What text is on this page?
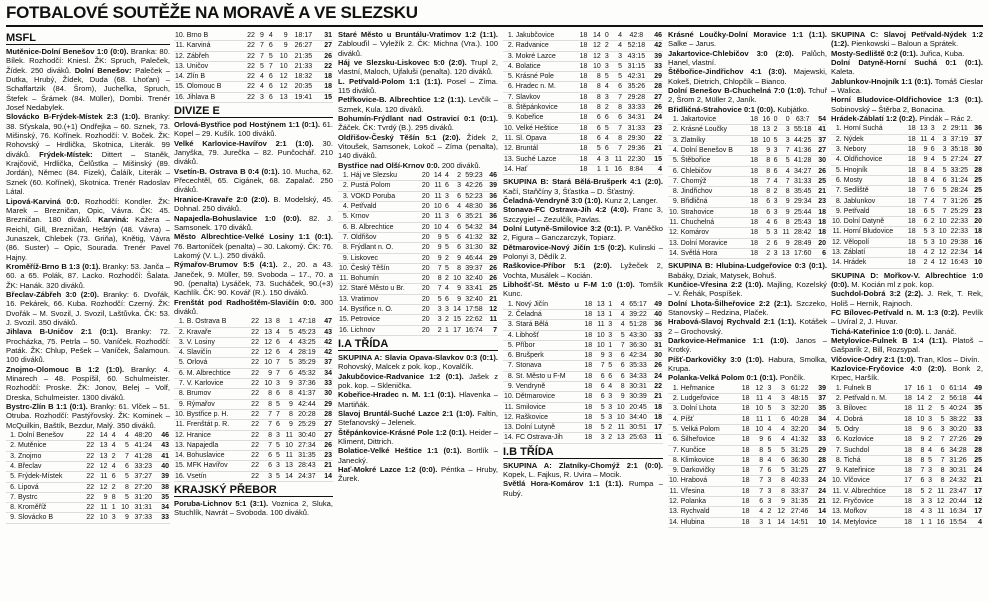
FOTBALOVÉ SOUTĚŽE NA MORAVĚ A VE SLEZSKU
MSFL

Mutěnice-Dolní Benešov 1:0 (0:0). Branka: 80. Bílek. Rozhodčí: Kniesl. ŽK: Spruch, Paleček, Žídek. 250 diváků. Dolní Benešov: Paleček – Dutka, Hrubý, Žídek, Duda (68. Lhoťan) – Schaffartzik (84. Šrom), Jucheľka, Spruch, Štefek – Šrámek (84. Müller), Dombi. Trenér Josef Nedabylek.

Slovácko B-Frýdek-Místek 2:3 (1:0). Branky: 38. Sťyskala, 90.(+1) Ondřejka – 60. Sznek, 73. Mišinský, 76. Kořínek. Rozhodčí: V. Boček. ŽK: Rohovský – Hrdlička, Skotnica, Literák. 99 diváků. Frýdek-Místek: Dittert – Staněk, Krajčovič, Hrdlička, Čelůstka – Mišinský (89. Jordán), Němec (84. Fizek), Čaláík, Literák – Sznek (60. Kořínek), Skotnica. Trenér Radoslav Látal.

Lipová-Karviná 0:0. Rozhodčí: Kondler. ŽK: Marek – Brezničan, Opic, Vávra. ČK: 45. Brezničan. 180 diváků. Karviná: Kažera – Reichl, Gill, Brezničan, Heštýn (48. Vávra) – Junaszek, Chlebek (73. Griňa), Knětig, Vávra (86. Suster) – Opic, Souradа. Trenér Pavel Hajny.

Kroměříž-Brno B 1:3 (0:1). Branky: 53. Janča – 60. a 65. Polák, 87. Lacko. Rozhodčí: Šalata. ŽK: Hanák. 320 diváků.

Břeclav-Zábřeh 3:0 (2:0). Branky: 6. Dvořák, 16. Pekárek, 66. Kuba. Rozhodčí: Czerný. ŽK: Dvořák – M. Svozil, J. Svozil, Laštůvka. ČK: 53. J. Svozil. 350 diváků.

Jihlava B-Uničov 2:1 (0:1). Branky: 72. Procházka, 75. Petrla – 50. Vaníček. Rozhodčí: Paták. ŽK: Chlup, Pešek – Vaníček, Šalamoun. 100 diváků.

Znojmo-Olomouc B 1:2 (1:0). Branky: 4. Minarech – 48. Pospíšil, 60. Schulmeister. Rozhodčí: Proske. ŽK: Jonov, Belej – Volf, Dreska, Schulmeister. 1300 diváků.

Bystrc-Zlín B 1:1 (0:1). Branky: 61. Vlček – 51. Otruba. Rozhodčí: Pastýřovský. ŽK: Kominek – McQuilkin, Baštík, Bezdur, Malý. 350 diváků.

1.	Dolní Benešov	22	14	4	4	48:20	46
2.	Mutěnice	22	13	4	5	41:24	43
3.	Znojmo	22	13	2	7	41:28	41
4.	Břeclav	22	12	4	6	33:23	40
5.	Frýdek-Místek	22	11	6	5	37:27	39
6.	Lipová	22	12	2	8	27:20	38
7.	Bystrc	22	9	8	5	31:20	35
8.	Kroměříž	22	11	1	10	31:31	34
9.	Slovácko B	22	10	3	9	37:33	33
10.	Brno B	22	9	4	9	18:17	31
11.	Karviná	22	7	6	9	26:27	27
12.	Zábřeh	22	7	5	10	21:35	26
13.	Uničov	22	5	7	10	21:33	22
14.	Zlín B	22	4	6	12	18:32	18
15.	Olomouc B	22	4	6	12	20:35	18
16.	Jihlava B	22	3	6	13	19:41	15
DIVIZE E

Orlová-Bystřice pod Hostýnem 1:1 (0:1). 61. Kopel – 29. Kušík. 100 diváků.

Velké Karlovice-Havířov 2:1 (1:0). 30. Janyška, 79. Jurečka – 82. Punčochář. 210 diváků.

Vsetín-B. Ostrava B 0:4 (0:1). 10. Mucha, 62. Přecechtěl, 65. Cigánek, 68. Zapalač. 250 diváků.

Hranice-Kravaře 2:0 (2:0). B. Modelský, 45. Dohnal. 250 diváků.

Napajedla-Bohuslavice 1:0 (0:0). 82. J. Samsonek. 170 diváků.

Město Albrechtice-Velké Losiny 1:1 (0:1). 76. Bartoníček (penalta) – 30. Lakomý. ČK: 76. Lakomý (V. L.). 250 diváků.

Rýmařov-Brumov 5:5 (4:1). 2., 20. a 43. Janeček, 9. Müller, 59. Svoboda – 17., 70. a 90. (penalta) Lysáček, 73. Sucháček, 90.(+3) Kachlík. ČK: 90. Kovář (R.). 150 diváků.

Frenštát pod Radhoštěm-Slavičín 0:0. 300 diváků.

1.	B. Ostrava B	22	13	8	1	47:18	47
2.	Kravaře	22	13	4	5	45:23	43
3.	V. Losiny	22	12	6	4	43:25	42
4.	Slavičín	22	12	6	4	28:19	42
5.	Orlová	22	10	7	5	35:29	37
6.	M. Albrechtice	22	9	7	6	45:32	34
7.	V. Karlovice	22	10	3	9	37:36	33
8.	Brumov	22	8	6	8	41:37	30
9.	Rýmařov	22	8	5	9	42:44	29
10.	Bystřice p. H.	22	7	7	8	20:28	28
11.	Frenštát p. R.	22	7	6	9	25:29	27
12.	Hranice	22	8	3	11	30:40	27
13.	Napajedla	22	7	5	10	27:34	26
14.	Bohuslavice	22	6	5	11	31:35	23
15.	MFK Havířov	22	6	3	13	28:43	21
16.	Vsetín	22	3	5	14	24:37	14
KRAJSKÝ PŘEBOR

Poruba-Lichnov 5:1 (3:1). Voznica 2, Sluka, Stuchlík, Navrát – Svoboda. 100 diváků.

Staré Město u Bruntálu-Vratimov 1:2 (1:1). Zablouďil – Vyležík 2. ČK: Michna (Vra.). 100 diváků.

Háj ve Slezsku-Liskovec 5:0 (2:0). Trupl 2, vlastní, Maloch, Ujfaluši (penalta). 120 diváků.

L. Petřvald-Polom 1:1 (1:1). Posel – Zíma. 115 diváků.

Petřkovice-B. Albrechtice 1:2 (1:1). Levčík – Szmek, Kula. 120 diváků.

Bohumín-Frýdlant nad Ostravicí 0:1 (0:1). Žáček. ČK: Tvrdý (B.). 295 diváků.

Oldřišov-Český Těšín 5:1 (2:0). Žídek 2, Vitoušek, Samsonek, Lokoč – Zíma (penalta), 140 diváků.

Bystřice nad Olší-Krnov 0:0. 200 diváků.

1.	Háj ve Slezsku	20	14	4	2	59:23	46
2.	Pustá Polom	20	11	6	3	42:26	39
3.	VOKD Poruba	20	11	3	6	52:23	36
4.	Petřvald	20	10	6	4	48:30	36
5.	Krnov	20	11	3	6	35:21	36
6.	B. Albrechtice	20	10	4	6	54:32	34
7.	Oldřišov	20	9	5	6	41:32	32
8.	Frýdlant n. O.	20	9	5	6	31:30	32
9.	Liskovec	20	9	2	9	46:44	29
10.	Český Těšín	20	7	5	8	39:37	26
11.	Bohumín	20	8	2	10	32:40	26
12.	Staré Město u Br.	20	7	4	9	33:41	25
13.	Vratimov	20	5	6	9	32:40	21
14.	Bystřice n. O.	20	3	3	14	17:58	12
15.	Petrovice	20	3	2	15	22:62	11
16.	Lichnov	20	2	1	17	16:74	7
I.A TŘÍDA

SKUPINA A: Slavia Opava-Slavkov 0:3 (0:1). Rohovský, Malcek z pok. kop., Kovalčík.

Jakubčovice-Radvanice 1:2 (0:1). Jašek z pok. kop. – Sklenička.

Kobeřice-Hradec n. M. 1:1 (0:1). Hlavenka – Martiňák.

Slavoj Bruntál-Suché Lazce 2:1 (1:0). Faltin, Stefanovský – Jelenek.

Štěpánkovice-Krásné Pole 1:2 (0:1). Heider – Kliment, Dittrich.

Bolatice-Velké Heštice 1:1 (0:1). Bortlík – Janecký.

Hať-Mokré Lazce 1:2 (0:0). Péntka – Hruby, Žurek.

1.	Jakubčovice	18	14	0	4	42:8	46
2.	Radvanice	18	12	2	4	52:18	42
3.	Mokré Lazce	18	12	3	3	43:15	39
4.	Bolatice	18	10	3	5	31:15	33
5.	Krásné Pole	18	8	5	5	42:31	29
6.	Hradec n. M.	18	8	4	6	35:26	28
7.	Slavkov	18	8	3	7	29:28	27
8.	Štěpánkovice	18	8	2	8	33:33	26
9.	Kobeřice	18	6	6	6	34:31	24
10.	Velké Heštice	18	6	5	7	31:33	23
11.	Sl. Opava	18	6	4	8	29:30	22
12.	Bruntál	18	5	6	7	29:36	21
13.	Suché Lazce	18	4	3	11	22:30	15
14.	Hať	18	1	1	16	8:84	4

SKUPINA B: Stará Bělá-Brušperk 4:1 (2:0). Kačí, Staňčíny 3, Šťastka – D. Šťastný.

Čeladná-Vendryně 3:0 (1:0). Kunz 2, Langer.

Stonava-FC Ostrava-Jih 4:2 (4:0). Franc 3, Szczygiel – Zezulčík, Pavlas.

Dolní Lutyně-Smilovice 3:2 (0:1). P. Vaněčko 2, Figura – Ganczarczyk, Topiarz.

Dětmarovice-Nový Jičín 1:5 (0:2). Kulinski – Polonyi 3, Dědík 2.

Raškovice-Příbor 5:1 (2:0). Lyžeček 2, Vochta, Musálek – Kocián.

Libhošť-St. Město u F-M 1:0 (1:0). Tomšík Kunc.

1.	Nový Jičín	18	13	1	4	65:17	49
2.	Čeladná	18	13	1	4	39:22	40
3.	Stará Bělá	18	11	3	4	51:28	36
4.	Libhošť	18	10	3	5	43:30	33
5.	Příbor	18	10	1	7	36:30	31
6.	Brušperk	18	9	3	6	42:34	30
7.	Stonava	18	7	5	6	35:33	26
8.	St. Město u F-M	18	6	6	6	34:33	24
9.	Vendryně	18	6	4	8	30:31	22
10.	Dětmarovice	18	6	3	9	30:39	21
11.	Smilovice	18	5	3	10	20:45	18
12.	Raškovice	18	5	3	10	34:40	18
13.	Dolní Lutyně	18	5	2	11	30:51	17
14.	FC Ostrava-Jih	18	3	2	13	25:63	11
I.B TŘÍDA

SKUPINA A: Zlatníky-Chomýž 2:1 (0:0). Kopek, L. Fajkus, R. Uvira – Mocik.

Světlá Hora-Komárov 1:1 (1:1). Rumpa – Rubý.

Krásné Loučky-Dolní Moravice 1:1 (1:1). Salke – Jarus.

Jakartovice-Chlebičov 3:0 (2:0). Palůch, Hanel, vlastní.

Štěbořice-Jindřichov 4:1 (3:0). Majewski, Kokeš, Dietrich, Chlopčík – Bianco.

Dolní Benešov B-Chuchelná 7:0 (1:0). Tchuř 2, Šrom 2, Müller 2, Janík.

Břidličná-Strahovice 0:1 (0:0). Kubjátko.

1.	Jakartovice	18	16	0	0	63:7	54
2.	Krásné Loučky	18	13	2	3	55:18	41
3.	Zlatníky	18	10	5	3	44:25	37
4.	Dolní Benešov B	18	9	3	7	41:36	27
5.	Štěbořice	18	8	6	5	41:28	30
6.	Chlebičov	18	8	6	4	34:27	26
7.	Chomýž	18	7	4	7	31:33	25
8.	Jindřichov	18	8	2	8	35:45	21
9.	Břidličná	18	6	3	9	29:34	23
10.	Strahovice	18	6	3	9	25:44	18
11.	Chuchelná	18	4	6	8	25:43	18
12.	Komárov	18	5	3	11	28:42	18
13.	Dolní Moravice	18	2	6	9	28:49	20
14.	Světlá Hora	18	2	3	13	17:60	6

SKUPINA B: Hlubina-Ludgeřovice 0:3 (0:1). Babáky, Dziak, Matysek, Bohuš.

Kunčice-Vřesina 2:2 (1:0). Majling, Kozelský – V. Řehák, Pospíšek.

Dolní Lhota-Šilheřovice 2:2 (2:1). Szczeko, Stanovský – Redzina, Plaček.

Hrabová-Slavoj Rychvald 2:1 (1:1). Kotášek 2 – Grochovský.

Darkovice-Heřmanice 1:1 (1:0). Janos – Krotký.

Píšť-Darkovičky 3:0 (1:0). Habura, Smolka, Krupa.

Polanka-Velká Polom 0:1 (0:1). Pončík.

1.	Heřmanice	18	12	3	3	61:22	39
2.	Ludgeřovice	18	11	4	3	48:15	37
3.	Dolní Lhota	18	10	5	3	32:20	35
4.	Píšť	18	11	1	6	40:28	34
5.	Velká Polom	18	10	4	4	32:20	34
6.	Šilheřovice	18	9	6	4	41:32	33
7.	Kunčice	18	8	5	5	31:25	29
8.	Klimkovice	18	8	4	6	36:30	28
9.	Darkovičky	18	7	6	5	31:25	27
10.	Hrabová	18	7	3	8	40:33	24
11.	Vřesina	18	7	3	8	33:37	24
12.	Polanka	18	6	3	9	31:35	21
13.	Rychvald	18	4	2	12	27:46	14
14.	Hlubina	18	3	1	14	14:51	10

SKUPINA C: Slavoj Petřvald-Nýdek 1:2 (1:2). Pienkowski – Baloun a Sprátek.

Mosty-Sedliště 0:2 (0:1). Juřica, Kuba.

Dolní Datyně-Horní Suchá 0:1 (0:1). Kaleta.

Jablunkov-Hnojník 1:1 (0:1). Tomáš Cieslar – Walica.

Horní Bludovice-Oldřichovice 1:3 (0:1). Sobinovský – Štěrba 2, Bonacina.

Hrádek-Záblatí 1:2 (0:2). Pindák – Rác 2.

1.	Horní Suchá	18	13	3	2	29:11	36
2.	Nýdek	18	11	4	3	37:19	37
3.	Nebory	18	9	6	3	35:18	30
4.	Oldřichovice	18	9	4	5	27:24	27
5.	Hnojník	18	8	4	5	33:25	28
6.	Mosty	18	8	4	6	31:24	25
7.	Sedliště	18	7	6	5	28:24	25
8.	Jablunkov	18	7	4	7	31:26	25
9.	Petřvald	18	6	5	7	25:29	23
10.	Dolní Datyně	18	6	2	10	22:33	20
11.	Horní Bludovice	18	5	3	10	22:33	18
12.	Vělopolí	18	5	3	10	29:38	16
13.	Záblatí	18	4	2	12	22:34	14
14.	Hrádek	18	2	4	12	16:43	10

SKUPINA D: Mořkov-V. Albrechtice 1:0 (0:0). M. Kocián ml z pok. kop.

Suchdol-Dobrá 3:2 (2:2). J. Rek, T. Rek, Holiš – Hernik, Rajnoch.

FC Bílovec-Petřvald n. M. 1:3 (0:2). Pevlík – Uvíral 2, J. Huvar.

Tichá-Kateřinice 1:0 (0:0). L. Janáč.

Metylovice-Fulnek B 1:4 (1:1). Platoš – Gašparík 2, Bill, Rozsypal.

Vlčovice-Odry 2:1 (1:0). Tran, Klos – Divín.

Kazlovice-Fryčovice 4:0 (2:0). Bonk 2, Krpec, Haršík.

1.	Fulnek B	17	16	1	0	61:14	49
2.	Petřvald n. M.	18	14	2	2	56:18	44
3.	Bílovec	18	11	2	5	40:24	35
4.	Dobrá	18	10	3	5	38:22	33
5.	Odry	18	9	6	3	30:20	33
6.	Kozlovice	18	9	2	7	27:26	29
7.	Suchdol	18	8	4	6	34:28	28
8.	Tichá	18	8	5	7	31:26	25
9.	Kateřinice	18	7	3	8	30:31	24
10.	Vlčovice	17	6	3	8	24:32	21
11.	V. Albrechtice	18	5	2	11	23:47	17
12.	Fryčovice	18	3	3	12	20:44	12
13.	Mořkov	18	4	3	11	16:34	17
14.	Metylovice	18	1	1	16	15:54	4
